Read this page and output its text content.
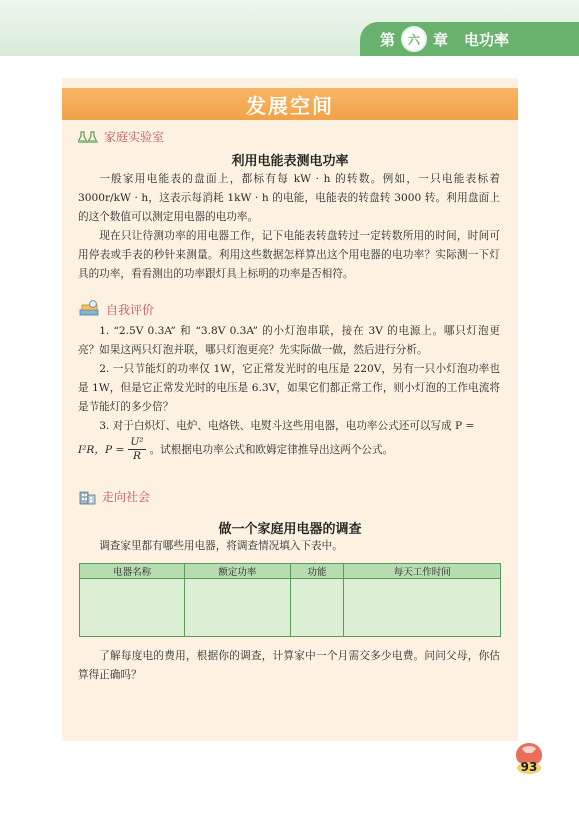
第	六 章 电功率
发展空间
家庭实验室
利用电能表测电功率

一般家用电能表的盘面上，都标有每 kW · h 的转数。例如，一只电能表标着 3000r/kW · h，这表示每消耗 1kW · h 的电能，电能表的转盘转 3000 转。利用盘面上的这个数值可以测定用电器的电功率。

现在只让待测功率的用电器工作，记下电能表转盘转过一定转数所用的时间，时间可用停表或手表的秒针来测量。利用这些数据怎样算出这个用电器的电功率？实际测一下灯具的功率，看看测出的功率跟灯具上标明的功率是否相符。

自我评价

1. “2.5V 0.3A” 和 “3.8V 0.3A” 的小灯泡串联，接在 3V 的电源上。哪只灯泡更亮？如果这两只灯泡并联，哪只灯泡更亮？先实际做一做，然后进行分析。

2. 一只节能灯的功率仅 1W，它正常发光时的电压是 220V，另有一只小灯泡功率也是 1W，但是它正常发光时的电压是 6.3V，如果它们都正常工作，则小灯泡的工作电流将是节能灯的多少倍？

3. 对于白炽灯、电炉、电烙铁、电熨斗这些用电器，电功率公式还可以写成 P =

I²R，$P = \frac{\text{U²}}{R}$ 。试根据电功率公式和欧姆定律推导出这两个公式。
走向社会
做一个家庭用电器的调查

调查家里都有哪些用电器，将调查情况填入下表中。

电器名称	额定功率	功能	每天工作时间

了解每度电的费用，根据你的调查，计算家中一个月需交多少电费。问问父母，你估算得正确吗？

93
